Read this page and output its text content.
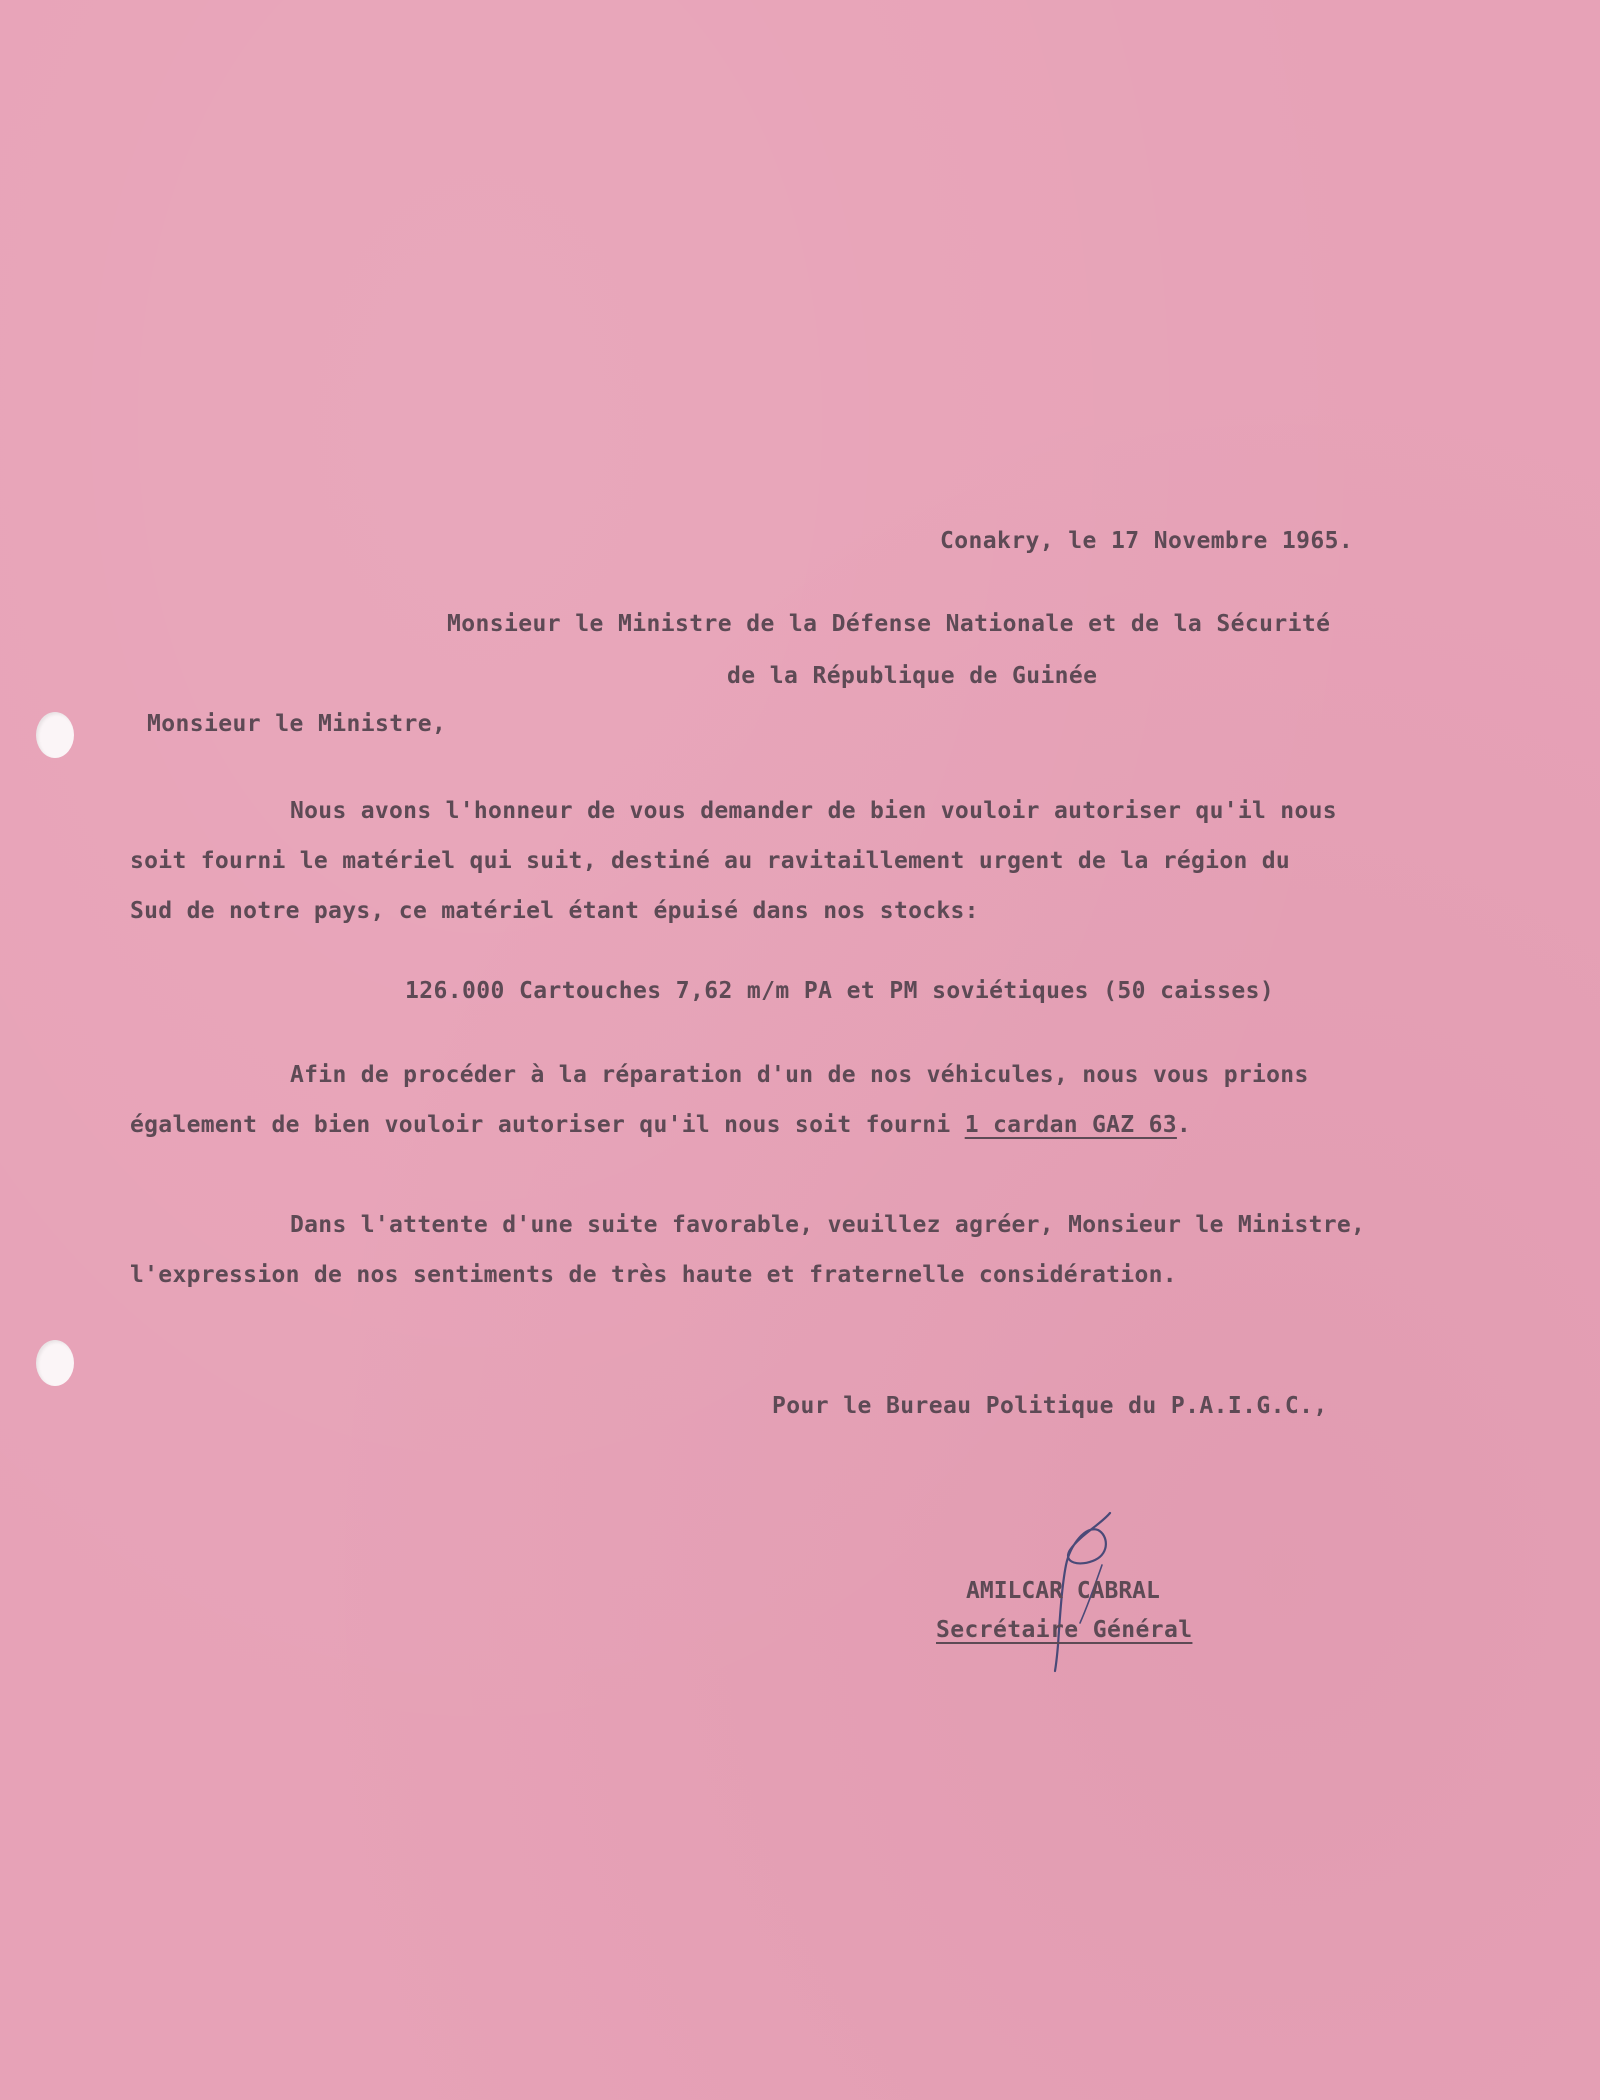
Conakry, le 17 Novembre 1965.

Monsieur le Ministre de la Défense Nationale et de la Sécurité

de la République de Guinée

Monsieur le Ministre,

Nous avons l'honneur de vous demander de bien vouloir autoriser qu'il nous
soit fourni le matériel qui suit, destiné au ravitaillement urgent de la région du
Sud de notre pays, ce matériel étant épuisé dans nos stocks:

126.000 Cartouches 7,62 m/m PA et PM soviétiques (50 caisses)

Afin de procéder à la réparation d'un de nos véhicules, nous vous prions
également de bien vouloir autoriser qu'il nous soit fourni 1 cardan GAZ 63.
Dans l'attente d'une suite favorable, veuillez agréer, Monsieur le Ministre,
l'expression de nos sentiments de très haute et fraternelle considération.

Pour le Bureau Politique du P.A.I.G.C.,

AMILCAR CABRAL

Secrétaire Général
